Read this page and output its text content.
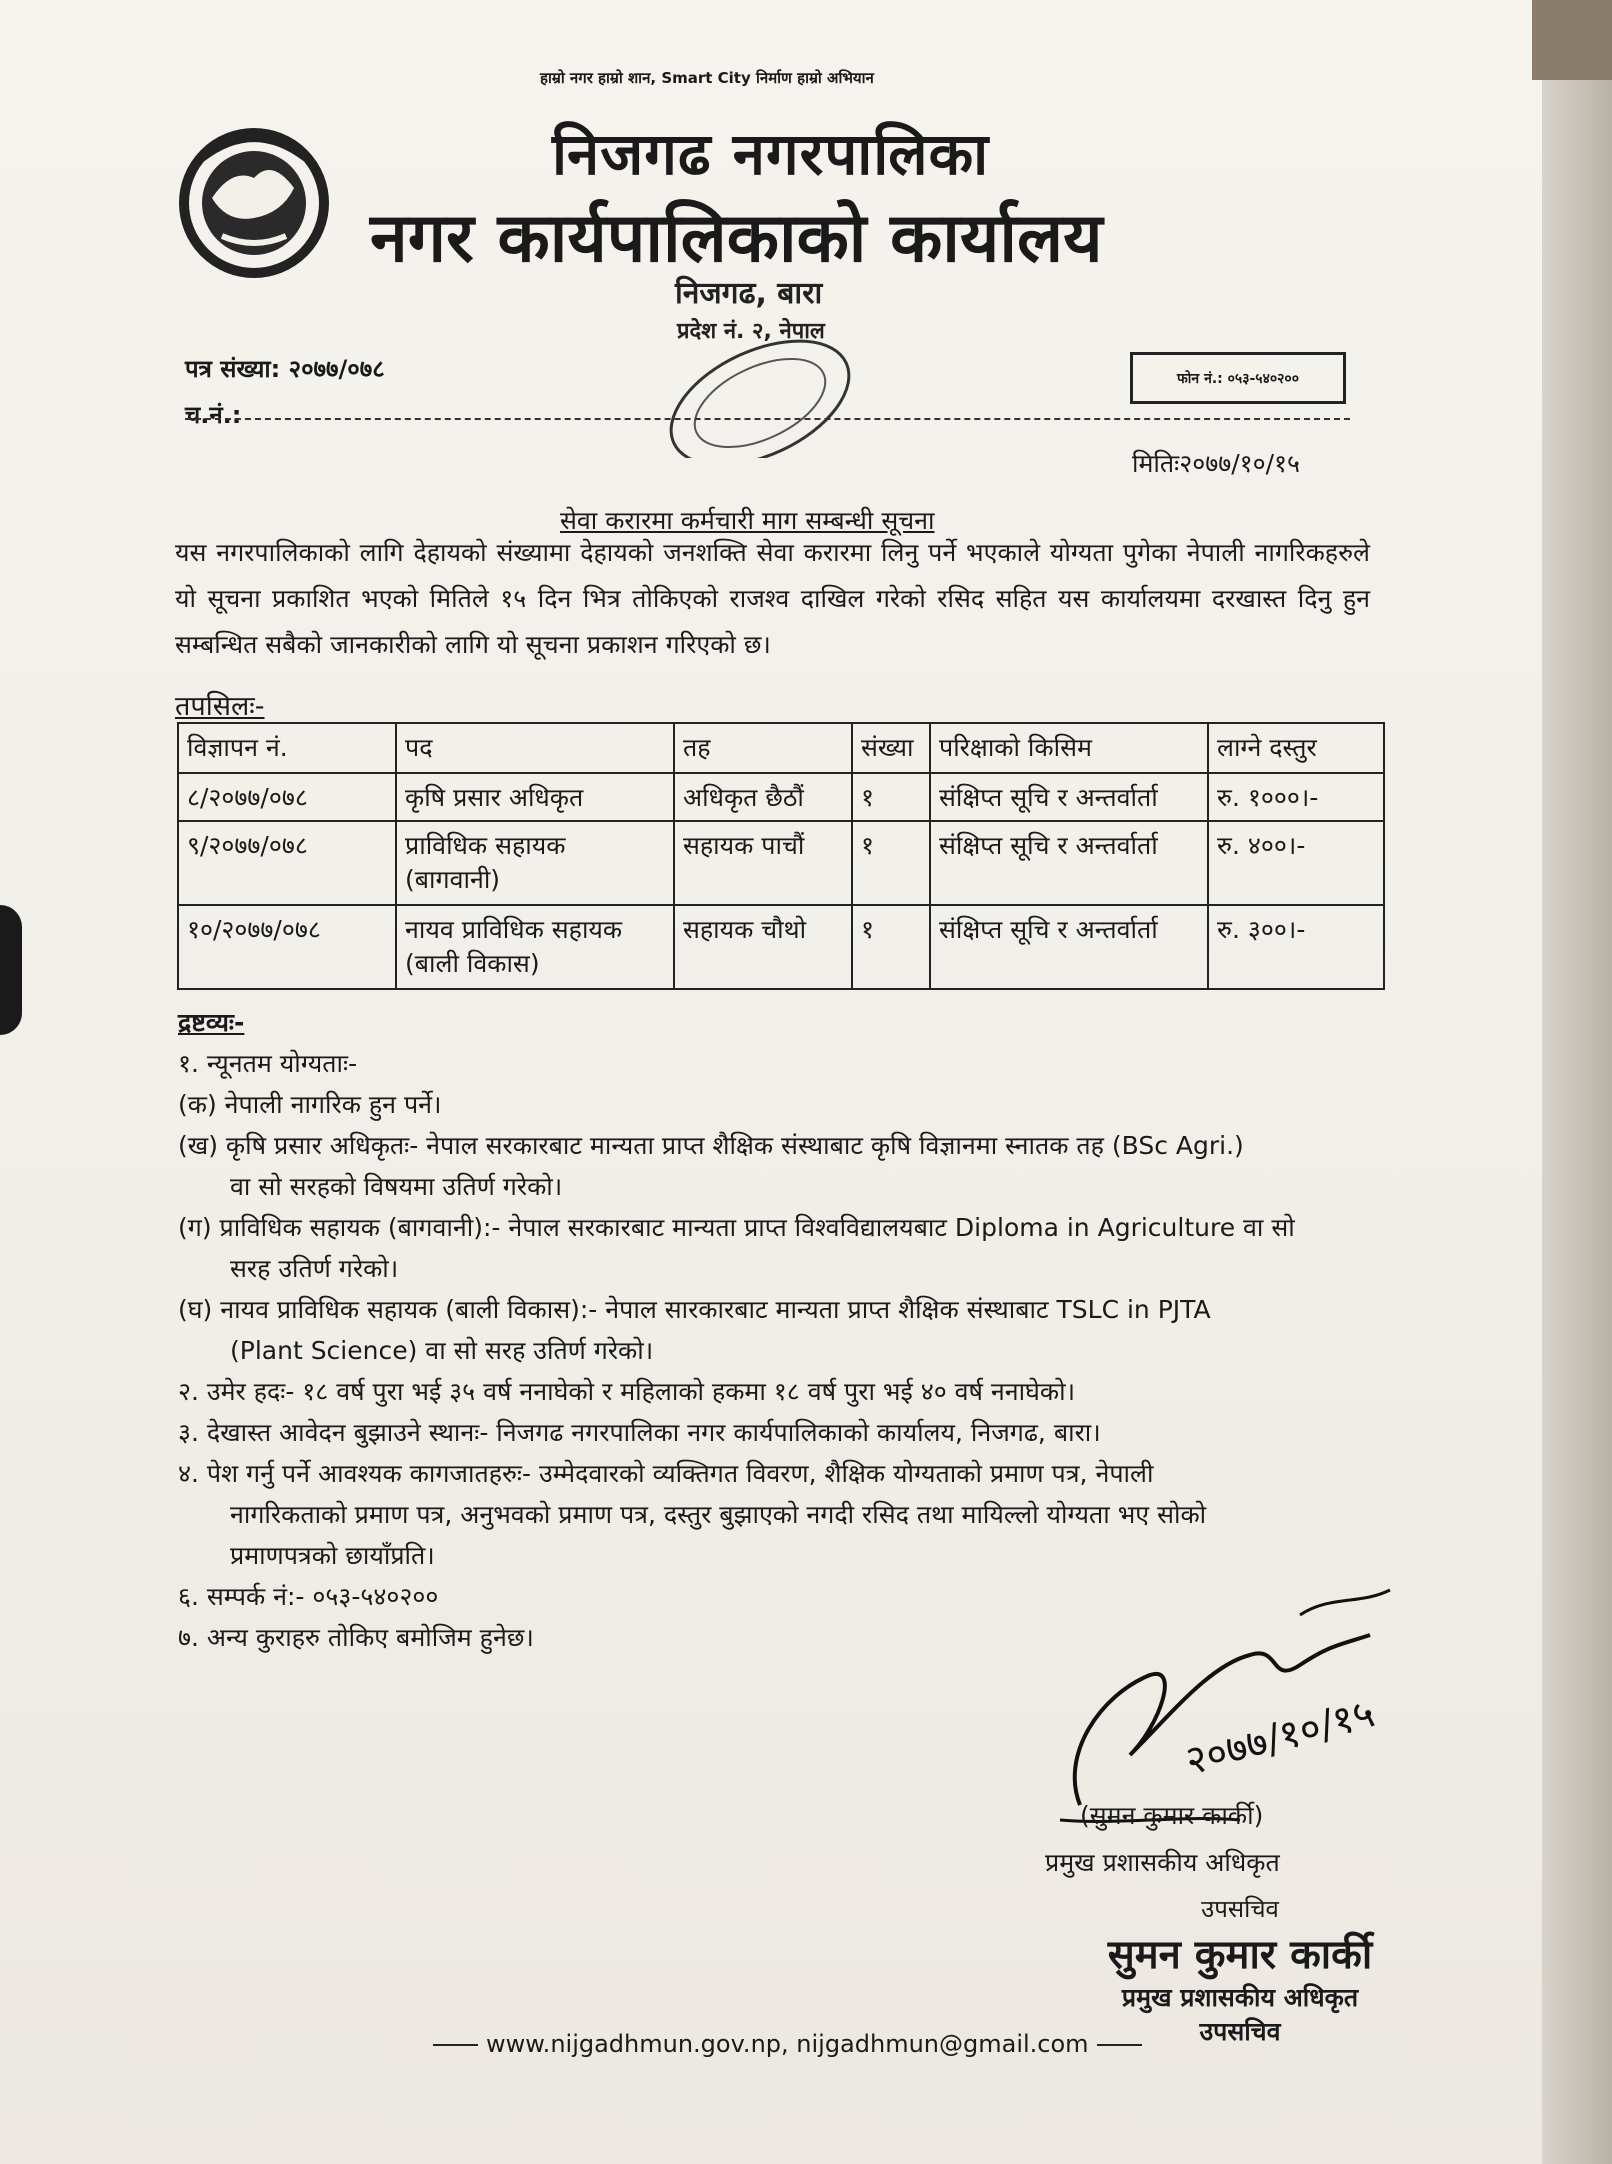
हाम्रो नगर हाम्रो शान, Smart City निर्माण हाम्रो अभियान
निजगढ नगरपालिका
नगर कार्यपालिकाको कार्यालय
निजगढ, बारा
प्रदेश नं. २, नेपाल
पत्र संख्या: २०७७/०७८
च.नं.:
फोन नं.: ०५३-५४०२००
मितिः२०७७/१०/१५
सेवा करारमा कर्मचारी माग सम्बन्धी सूचना
यस नगरपालिकाको लागि देहायको संख्यामा देहायको जनशक्ति सेवा करारमा लिनु पर्ने भएकाले योग्यता पुगेका नेपाली नागरिकहरुले यो सूचना प्रकाशित भएको मितिले १५ दिन भित्र तोकिएको राजश्व दाखिल गरेको रसिद सहित यस कार्यालयमा दरखास्त दिनु हुन सम्बन्धित सबैको जानकारीको लागि यो सूचना प्रकाशन गरिएको छ।
तपसिलः-
विज्ञापन नं.	पद	तह	संख्या	परिक्षाको किसिम	लाग्ने दस्तुर
८/२०७७/०७८	कृषि प्रसार अधिकृत	अधिकृत छैठौं	१	संक्षिप्त सूचि र अन्तर्वार्ता	रु. १०००।-
९/२०७७/०७८	प्राविधिक सहायक (बागवानी)	सहायक पाचौं	१	संक्षिप्त सूचि र अन्तर्वार्ता	रु. ४००।-
१०/२०७७/०७८	नायव प्राविधिक सहायक (बाली विकास)	सहायक चौथो	१	संक्षिप्त सूचि र अन्तर्वार्ता	रु. ३००।-
द्रष्टव्यः-
१. न्यूनतम योग्यताः-
(क) नेपाली नागरिक हुन पर्ने।
(ख) कृषि प्रसार अधिकृतः- नेपाल सरकारबाट मान्यता प्राप्त शैक्षिक संस्थाबाट कृषि विज्ञानमा स्नातक तह (BSc Agri.)
वा सो सरहको विषयमा उतिर्ण गरेको।
(ग) प्राविधिक सहायक (बागवानी):- नेपाल सरकारबाट मान्यता प्राप्त विश्वविद्यालयबाट Diploma in Agriculture वा सो
सरह उतिर्ण गरेको।
(घ) नायव प्राविधिक सहायक (बाली विकास):- नेपाल सारकारबाट मान्यता प्राप्त शैक्षिक संस्थाबाट TSLC in PJTA
(Plant Science) वा सो सरह उतिर्ण गरेको।
२. उमेर हदः- १८ वर्ष पुरा भई ३५ वर्ष ननाघेको र महिलाको हकमा १८ वर्ष पुरा भई ४० वर्ष ननाघेको।
३. देखास्त आवेदन बुझाउने स्थानः- निजगढ नगरपालिका नगर कार्यपालिकाको कार्यालय, निजगढ, बारा।
४. पेश गर्नु पर्ने आवश्यक कागजातहरुः- उम्मेदवारको व्यक्तिगत विवरण, शैक्षिक योग्यताको प्रमाण पत्र, नेपाली
नागरिकताको प्रमाण पत्र, अनुभवको प्रमाण पत्र, दस्तुर बुझाएको नगदी रसिद तथा मायिल्लो योग्यता भए सोको
प्रमाणपत्रको छायाँप्रति।
६. सम्पर्क नं:- ०५३-५४०२००
७. अन्य कुराहरु तोकिए बमोजिम हुनेछ।
२०७७/१०/१५
(सुमन कुमार कार्की)
प्रमुख प्रशासकीय अधिकृत
उपसचिव
सुमन कुमार कार्की
प्रमुख प्रशासकीय अधिकृत
उपसचिव
www.nijgadhmun.gov.np, nijgadhmun@gmail.com
